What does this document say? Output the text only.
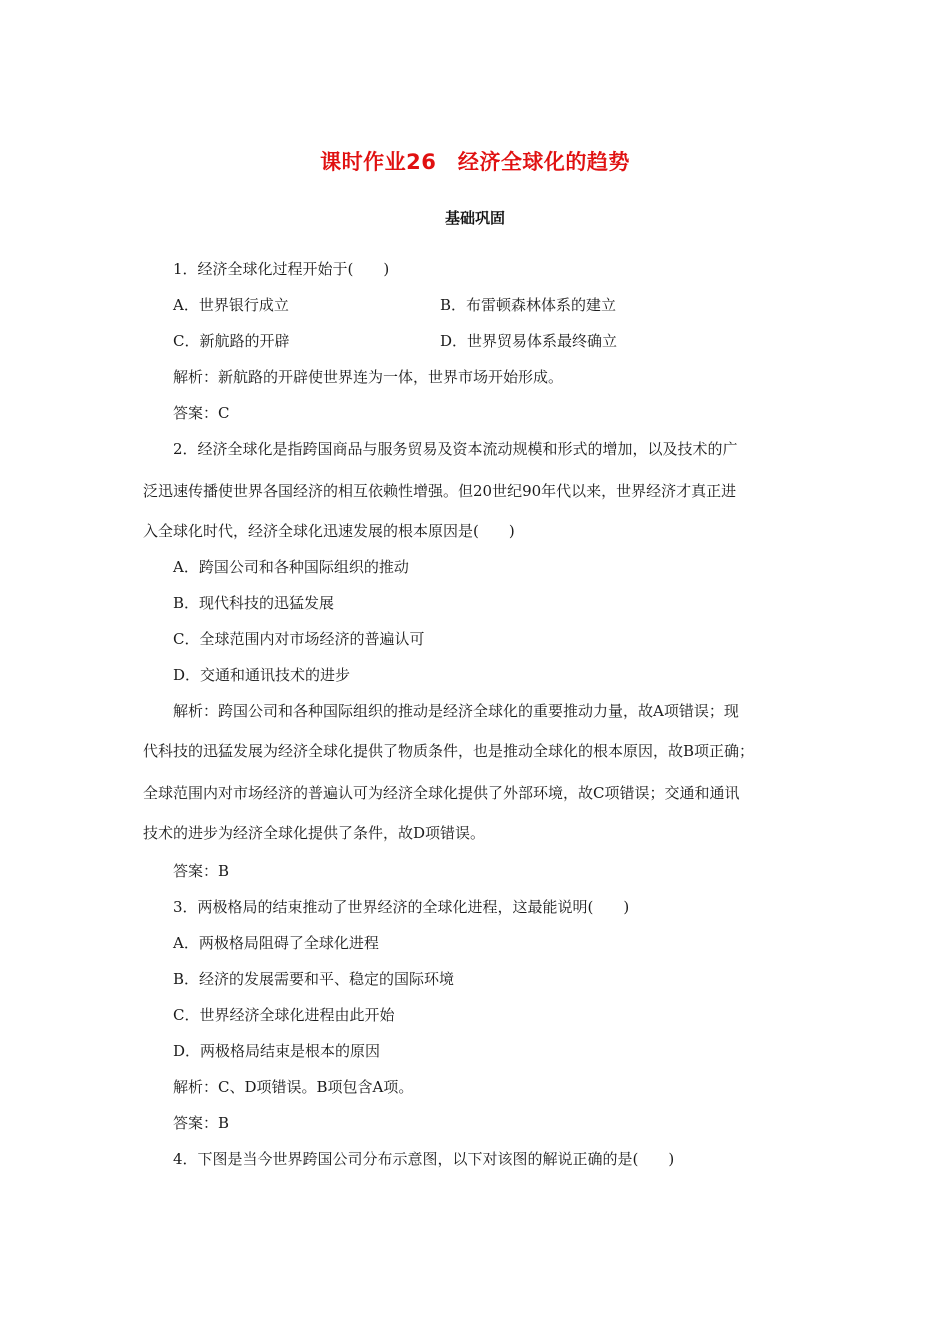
课时作业26　经济全球化的趋势
基础巩固
1．经济全球化过程开始于(　　)
A．世界银行成立	B．布雷顿森林体系的建立
C．新航路的开辟	D．世界贸易体系最终确立
解析：新航路的开辟使世界连为一体，世界市场开始形成。
答案：C
2．经济全球化是指跨国商品与服务贸易及资本流动规模和形式的增加，以及技术的广
泛迅速传播使世界各国经济的相互依赖性增强。但20世纪90年代以来，世界经济才真正进
入全球化时代，经济全球化迅速发展的根本原因是(　　)
A．跨国公司和各种国际组织的推动
B．现代科技的迅猛发展
C．全球范围内对市场经济的普遍认可
D．交通和通讯技术的进步
解析：跨国公司和各种国际组织的推动是经济全球化的重要推动力量，故A项错误；现
代科技的迅猛发展为经济全球化提供了物质条件，也是推动全球化的根本原因，故B项正确；
全球范围内对市场经济的普遍认可为经济全球化提供了外部环境，故C项错误；交通和通讯
技术的进步为经济全球化提供了条件，故D项错误。
答案：B
3．两极格局的结束推动了世界经济的全球化进程，这最能说明(　　)
A．两极格局阻碍了全球化进程
B．经济的发展需要和平、稳定的国际环境
C．世界经济全球化进程由此开始
D．两极格局结束是根本的原因
解析：C、D项错误。B项包含A项。
答案：B
4．下图是当今世界跨国公司分布示意图，以下对该图的解说正确的是(　　)
